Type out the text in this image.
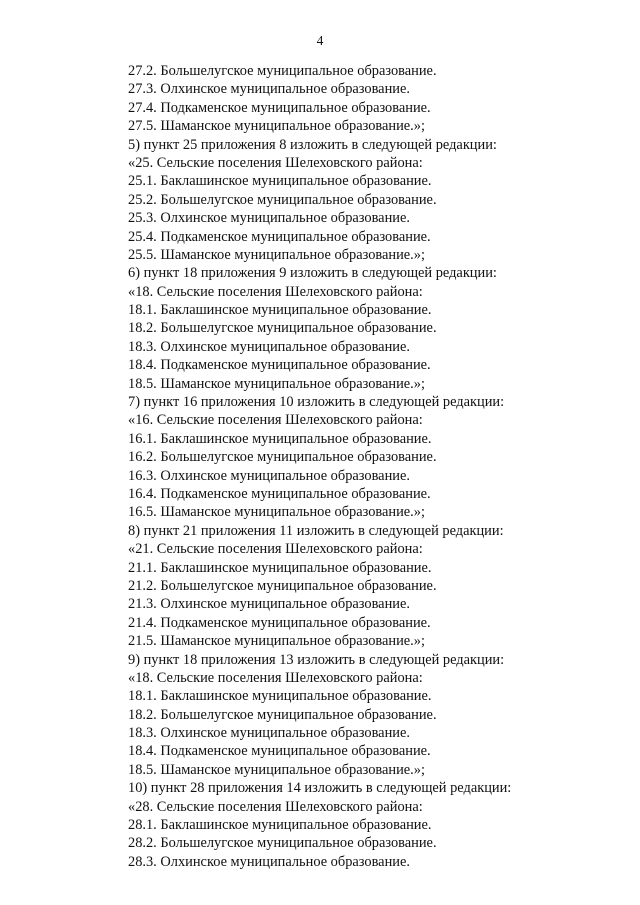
4
27.2. Большелугское муниципальное образование.
27.3. Олхинское муниципальное образование.
27.4. Подкаменское муниципальное образование.
27.5. Шаманское муниципальное образование.»;
5) пункт 25 приложения 8 изложить в следующей редакции:
«25. Сельские поселения Шелеховского района:
25.1. Баклашинское муниципальное образование.
25.2. Большелугское муниципальное образование.
25.3. Олхинское муниципальное образование.
25.4. Подкаменское муниципальное образование.
25.5. Шаманское муниципальное образование.»;
6) пункт 18 приложения 9 изложить в следующей редакции:
«18. Сельские поселения Шелеховского района:
18.1. Баклашинское муниципальное образование.
18.2. Большелугское муниципальное образование.
18.3. Олхинское муниципальное образование.
18.4. Подкаменское муниципальное образование.
18.5. Шаманское муниципальное образование.»;
7) пункт 16 приложения 10 изложить в следующей редакции:
«16. Сельские поселения Шелеховского района:
16.1. Баклашинское муниципальное образование.
16.2. Большелугское муниципальное образование.
16.3. Олхинское муниципальное образование.
16.4. Подкаменское муниципальное образование.
16.5. Шаманское муниципальное образование.»;
8) пункт 21 приложения 11 изложить в следующей редакции:
«21. Сельские поселения Шелеховского района:
21.1. Баклашинское муниципальное образование.
21.2. Большелугское муниципальное образование.
21.3. Олхинское муниципальное образование.
21.4. Подкаменское муниципальное образование.
21.5. Шаманское муниципальное образование.»;
9) пункт 18 приложения 13 изложить в следующей редакции:
«18. Сельские поселения Шелеховского района:
18.1. Баклашинское муниципальное образование.
18.2. Большелугское муниципальное образование.
18.3. Олхинское муниципальное образование.
18.4. Подкаменское муниципальное образование.
18.5. Шаманское муниципальное образование.»;
10) пункт 28 приложения 14 изложить в следующей редакции:
«28. Сельские поселения Шелеховского района:
28.1. Баклашинское муниципальное образование.
28.2. Большелугское муниципальное образование.
28.3. Олхинское муниципальное образование.
